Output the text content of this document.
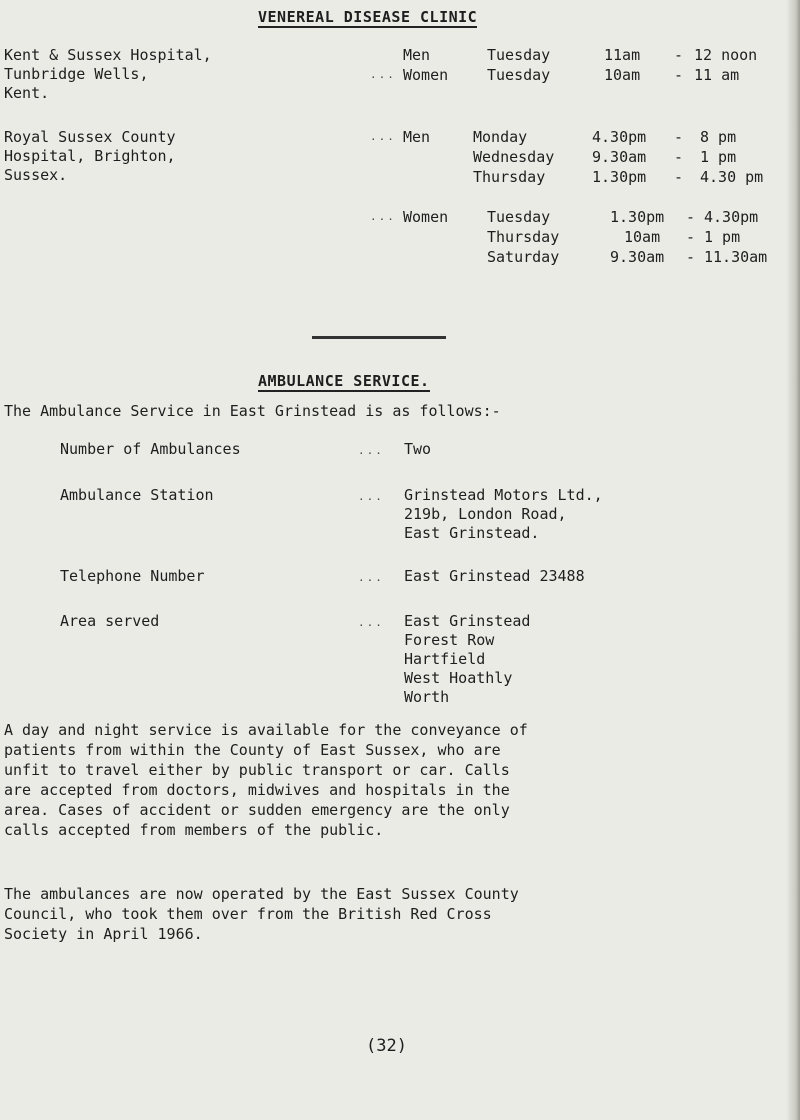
VENEREAL DISEASE CLINIC
Kent & Sussex Hospital,
Tunbridge Wells,
Kent.
...
Men	Tuesday	11am - 12 noon
Women	Tuesday	10am - 11 am
Royal Sussex County
Hospital, Brighton,
Sussex.
... Men	Monday	4.30pm - 8 pm
Wednesday	9.30am - 1 pm
Thursday	1.30pm - 4.30 pm
... Women	Tuesday	1.30pm - 4.30pm
Thursday	10am - 1 pm
Saturday	9.30am - 11.30am
AMBULANCE SERVICE.
The Ambulance Service in East Grinstead is as follows:-
Number of Ambulances	... Two
Ambulance Station	... Grinstead Motors Ltd.,
219b, London Road,
East Grinstead.
Telephone Number	... East Grinstead 23488
Area served	... East Grinstead
Forest Row
Hartfield
West Hoathly
Worth
A day and night service is available for the conveyance of
patients from within the County of East Sussex, who are
unfit to travel either by public transport or car. Calls
are accepted from doctors, midwives and hospitals in the
area. Cases of accident or sudden emergency are the only
calls accepted from members of the public.
The ambulances are now operated by the East Sussex County
Council, who took them over from the British Red Cross
Society in April 1966.
(32)
